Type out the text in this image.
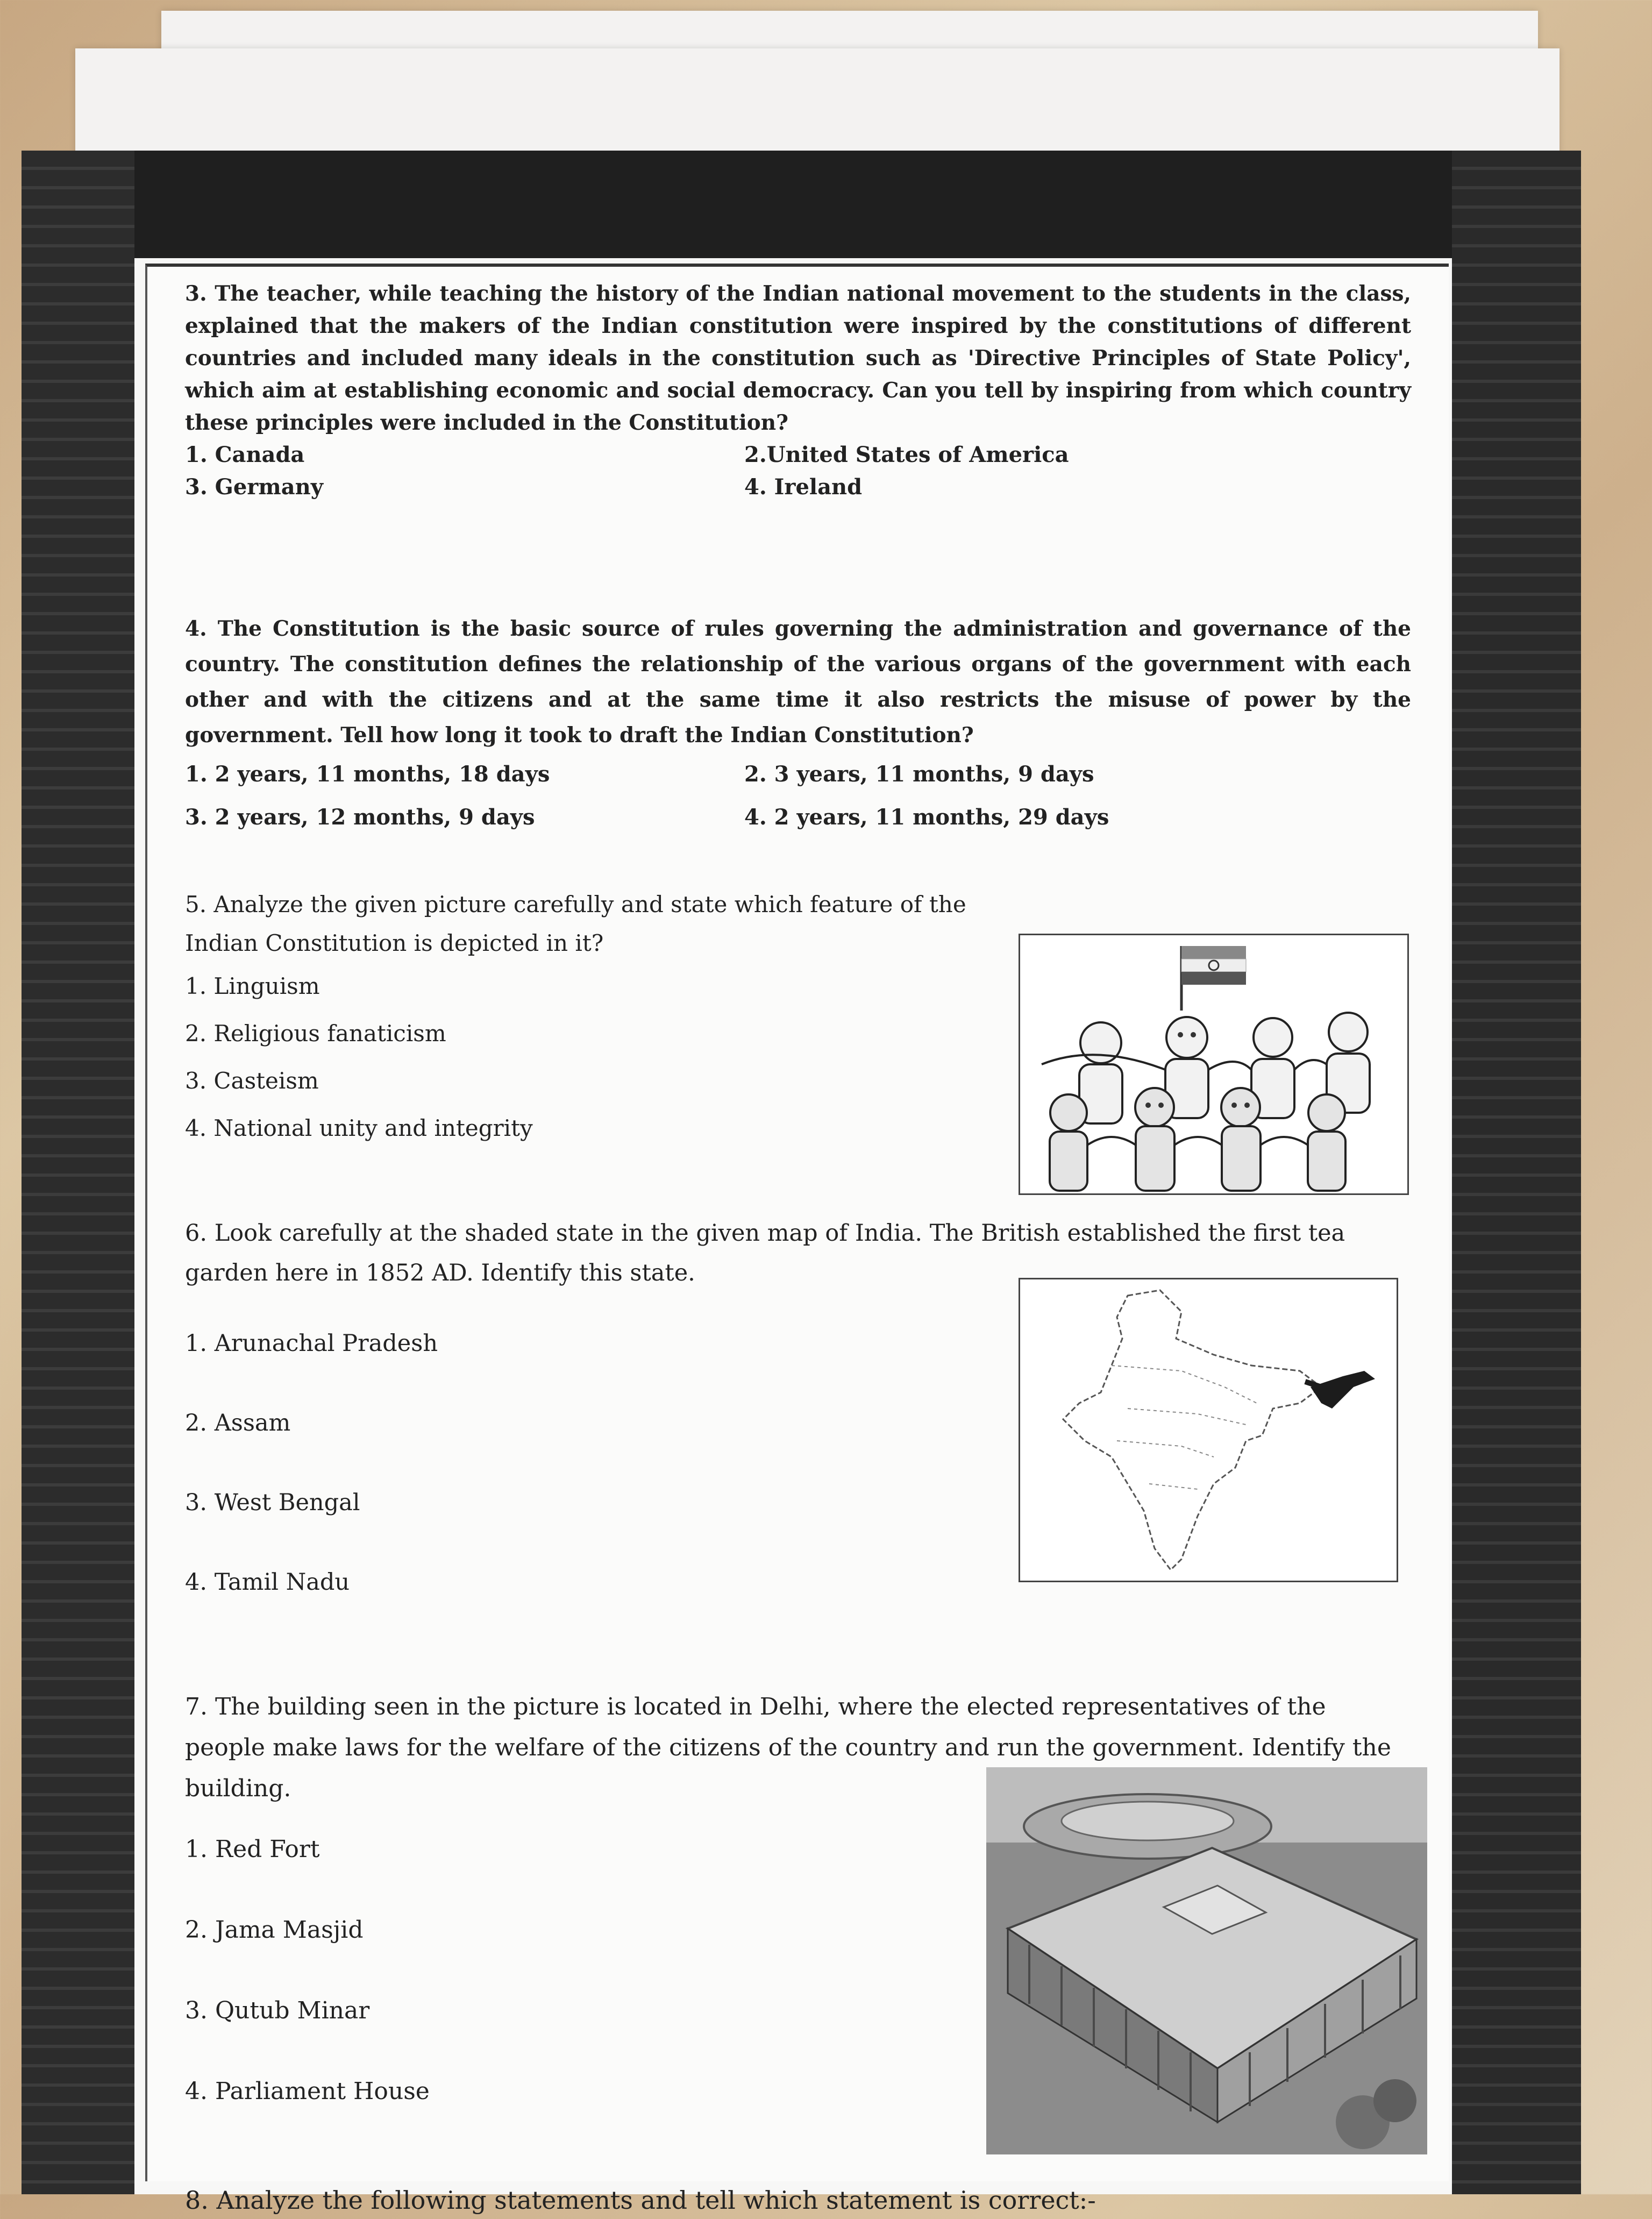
3. The teacher, while teaching the history of the Indian national movement to the students in the class, explained that the makers of the Indian constitution were inspired by the constitutions of different countries and included many ideals in the constitution such as 'Directive Principles of State Policy', which aim at establishing economic and social democracy. Can you tell by inspiring from which country these principles were included in the Constitution?

1. Canada	2.United States of America
3. Germany	4. Ireland

4. The Constitution is the basic source of rules governing the administration and governance of the country. The constitution defines the relationship of the various organs of the government with each other and with the citizens and at the same time it also restricts the misuse of power by the government. Tell how long it took to draft the Indian Constitution?

1. 2 years, 11 months, 18 days	2. 3 years, 11 months, 9 days
3. 2 years, 12 months, 9 days	4. 2 years, 11 months, 29 days

5. Analyze the given picture carefully and state which feature of the Indian Constitution is depicted in it?

1. Linguism
2. Religious fanaticism
3. Casteism
4. National unity and integrity

6. Look carefully at the shaded state in the given map of India. The British established the first tea garden here in 1852 AD. Identify this state.

1. Arunachal Pradesh
2. Assam
3. West Bengal
4. Tamil Nadu

7. The building seen in the picture is located in Delhi, where the elected representatives of the people make laws for the welfare of the citizens of the country and run the government. Identify the building.

1. Red Fort
2. Jama Masjid
3. Qutub Minar
4. Parliament House

8. Analyze the following statements and tell which statement is correct:-
